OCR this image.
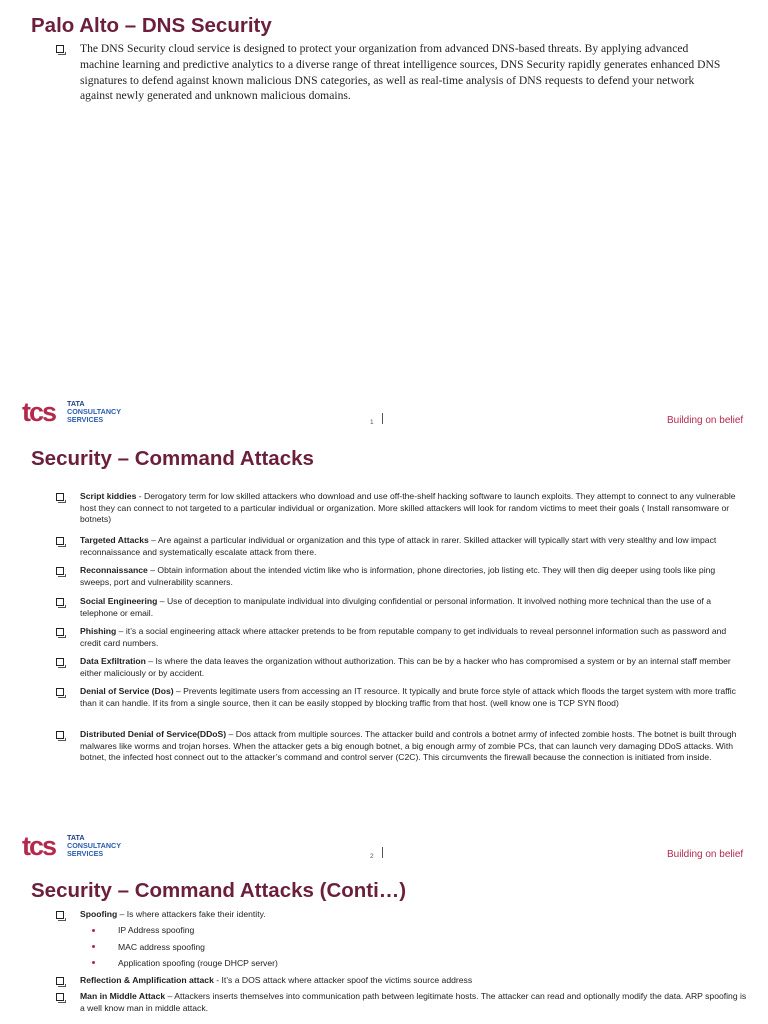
Palo Alto – DNS Security

The DNS Security cloud service is designed to protect your organization from advanced DNS-based threats. By applying advanced machine learning and predictive analytics to a diverse range of threat intelligence sources, DNS Security rapidly generates enhanced DNS signatures to defend against known malicious DNS categories, as well as real-time analysis of DNS requests to defend your network against newly generated and unknown malicious domains.

tcs TATA
CONSULTANCY
SERVICES	1	Building on belief
Security – Command Attacks

Script kiddies - Derogatory term for low skilled attackers who download and use off-the-shelf hacking software to launch exploits. They attempt to connect to any vulnerable host they can connect to not targeted to a particular individual or organization. More skilled attackers will look for random victims to meet their goals ( Install ransomware or botnets)

Targeted Attacks – Are against a particular individual or organization and this type of attack in rarer. Skilled attacker will typically start with very stealthy and low impact reconnaissance and systematically escalate attack from there.

Reconnaissance – Obtain information about the intended victim like who is information, phone directories, job listing etc. They will then dig deeper using tools like ping sweeps, port and vulnerability scanners.

Social Engineering – Use of deception to manipulate individual into divulging confidential or personal information. It involved nothing more technical than the use of a telephone or email.

Phishing – it’s a social engineering attack where attacker pretends to be from reputable company to get individuals to reveal personnel information such as password and credit card numbers.

Data Exfiltration – Is where the data leaves the organization without authorization. This can be by a hacker who has compromised a system or by an internal staff member either maliciously or by accident.

Denial of Service (Dos) – Prevents legitimate users from accessing an IT resource. It typically and brute force style of attack which floods the target system with more traffic than it can handle. If its from a single source, then it can be easily stopped by blocking traffic from that host. (well know one is TCP SYN flood)

Distributed Denial of Service(DDoS) – Dos attack from multiple sources. The attacker build and controls a botnet army of infected zombie hosts. The botnet is built through malwares like worms and trojan horses. When the attacker gets a big enough botnet, a big enough army of zombie PCs, that can launch very damaging DDoS attacks. With botnet, the infected host connect out to the attacker’s command and control server (C2C). This circumvents the firewall because the connection is initiated from inside.

tcs TATA
CONSULTANCY
SERVICES	2	Building on belief
Security – Command Attacks (Conti…)

Spoofing – Is where attackers fake their identity.

IP Address spoofing

MAC address spoofing

Application spoofing (rouge DHCP server)

Reflection & Amplification attack - It’s a DOS attack where attacker spoof the victims source address

Man in Middle Attack – Attackers inserts themselves into communication path between legitimate hosts. The attacker can read and optionally modify the data. ARP spoofing is a well know man in middle attack.
